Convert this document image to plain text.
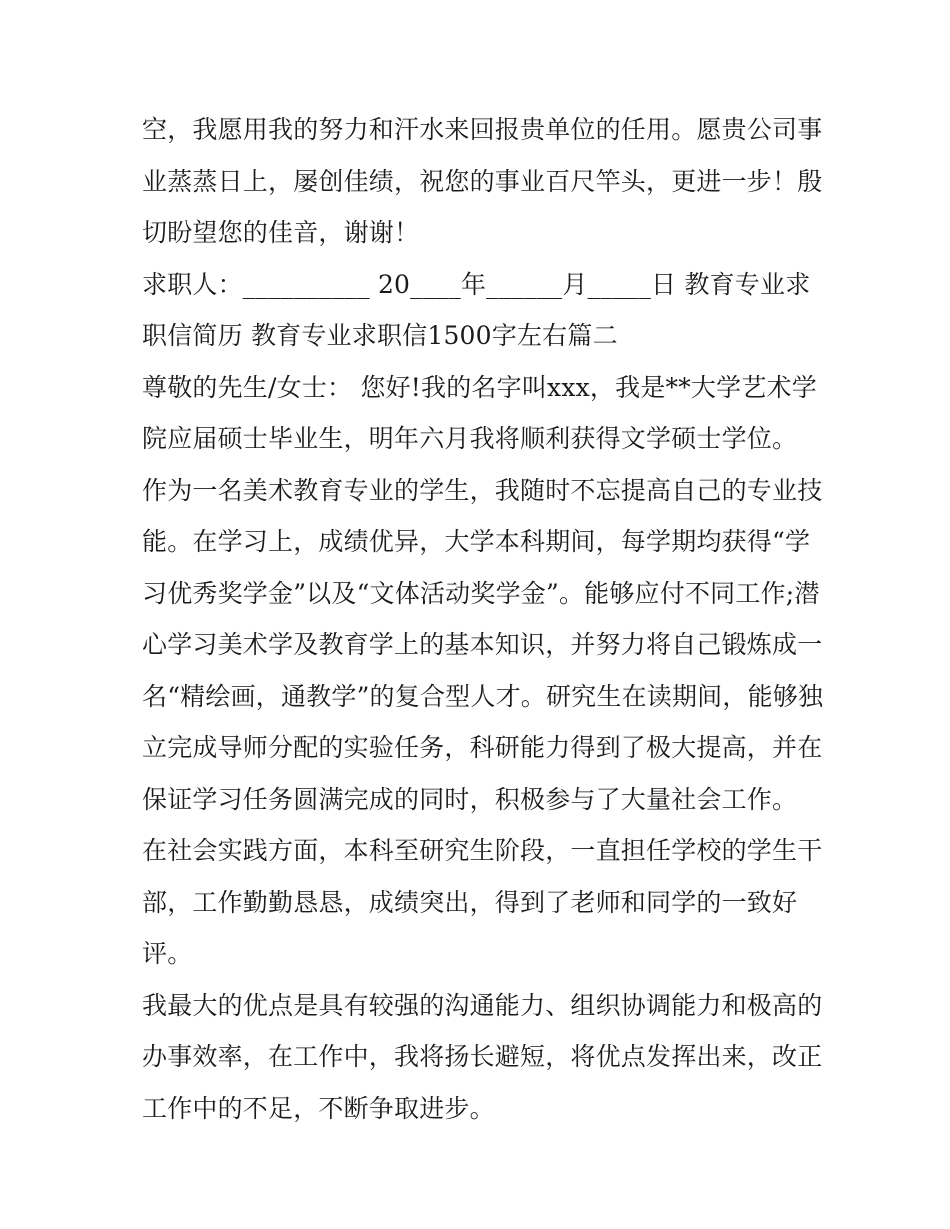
空，我愿用我的努力和汗水来回报贵单位的任用。愿贵公司事
业蒸蒸日上，屡创佳绩，祝您的事业百尺竿头，更进一步！殷
切盼望您的佳音，谢谢！
求职人：__________ 20____年______月_____日 教育专业求
职信简历 教育专业求职信1500字左右篇二
尊敬的先生/女士： 您好!我的名字叫xxx，我是**大学艺术学
院应届硕士毕业生，明年六月我将顺利获得文学硕士学位。
作为一名美术教育专业的学生，我随时不忘提高自己的专业技
能。在学习上，成绩优异，大学本科期间，每学期均获得“学
习优秀奖学金”以及“文体活动奖学金”。能够应付不同工作;潜
心学习美术学及教育学上的基本知识，并努力将自己锻炼成一
名“精绘画，通教学”的复合型人才。研究生在读期间，能够独
立完成导师分配的实验任务，科研能力得到了极大提高，并在
保证学习任务圆满完成的同时，积极参与了大量社会工作。
在社会实践方面，本科至研究生阶段，一直担任学校的学生干
部，工作勤勤恳恳，成绩突出，得到了老师和同学的一致好
评。
我最大的优点是具有较强的沟通能力、组织协调能力和极高的
办事效率，在工作中，我将扬长避短，将优点发挥出来，改正
工作中的不足，不断争取进步。
